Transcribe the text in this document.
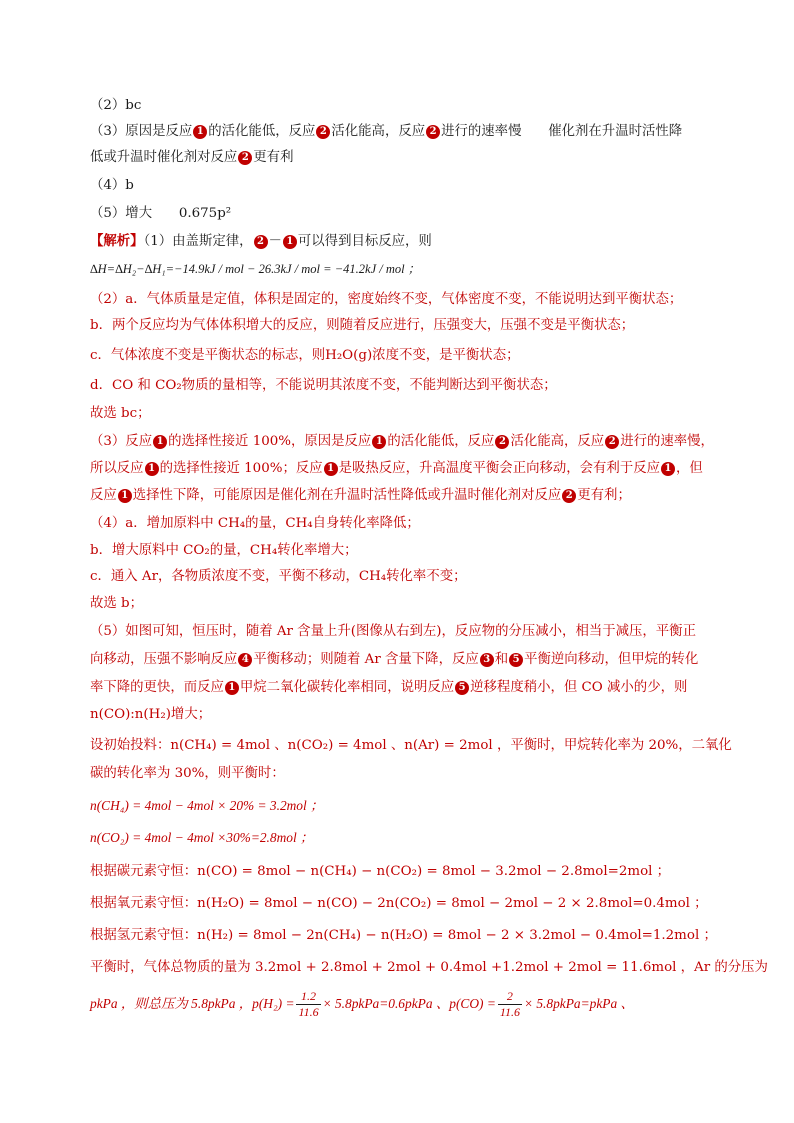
（2）bc
（3）原因是反应 1 的活化能低，反应 2 活化能高，反应 2 进行的速率慢　　催化剂在升温时活性降
低或升温时催化剂对反应 2 更有利
（4）b
（5）增大　　0.675p²
【解析】（1）由盖斯定律， 2 － 1 可以得到目标反应，则
∆H=∆H₂−∆H₁=−14.9kJ / mol − 26.3kJ / mol = −41.2kJ / mol ；
（2）a．气体质量是定值，体积是固定的，密度始终不变，气体密度不变，不能说明达到平衡状态；
b．两个反应均为气体体积增大的反应，则随着反应进行，压强变大，压强不变是平衡状态；
c．气体浓度不变是平衡状态的标志，则H₂O(g)浓度不变，是平衡状态；
d．CO 和 CO₂物质的量相等，不能说明其浓度不变，不能判断达到平衡状态；
故选 bc；
（3）反应 1 的选择性接近 100%，原因是反应 1 的活化能低，反应 2 活化能高，反应 2 进行的速率慢，
所以反应 1 的选择性接近 100%；反应 1 是吸热反应，升高温度平衡会正向移动，会有利于反应 1 ，但
反应 1 选择性下降，可能原因是催化剂在升温时活性降低或升温时催化剂对反应 2 更有利；
（4）a．增加原料中 CH₄的量，CH₄自身转化率降低；
b．增大原料中 CO₂的量，CH₄转化率增大；
c．通入 Ar，各物质浓度不变，平衡不移动，CH₄转化率不变；
故选 b；
（5）如图可知，恒压时，随着 Ar 含量上升(图像从右到左)，反应物的分压减小，相当于减压，平衡正
向移动，压强不影响反应 4 平衡移动；则随着 Ar 含量下降，反应 3 和 5 平衡逆向移动，但甲烷的转化
率下降的更快，而反应 1 甲烷二氧化碳转化率相同，说明反应 5 逆移程度稍小，但 CO 减小的少，则
n(CO):n(H₂)增大；
设初始投料：n(CH₄) = 4mol 、n(CO₂) = 4mol 、n(Ar) = 2mol ，平衡时，甲烷转化率为 20%，二氧化
碳的转化率为 30%，则平衡时：
n(CH₄) = 4mol − 4mol × 20% = 3.2mol ；
n(CO₂) = 4mol − 4mol ×30%=2.8mol ；
根据碳元素守恒：n(CO) = 8mol − n(CH₄) − n(CO₂) = 8mol − 3.2mol − 2.8mol=2mol ；
根据氧元素守恒：n(H₂O) = 8mol − n(CO) − 2n(CO₂) = 8mol − 2mol − 2 × 2.8mol=0.4mol ；
根据氢元素守恒：n(H₂) = 8mol − 2n(CH₄) − n(H₂O) = 8mol − 2 × 3.2mol − 0.4mol=1.2mol ；
平衡时，气体总物质的量为 3.2mol + 2.8mol + 2mol + 0.4mol +1.2mol + 2mol = 11.6mol ，Ar 的分压为
pkPa ，则总压为 5.8pkPa ，$p(H_2) = \frac{1.2}{11.6}$ × 5.8pkPa=0.6pkPa 、$p(CO) = \frac{2}{11.6}$ × 5.8pkPa=pkPa 、
